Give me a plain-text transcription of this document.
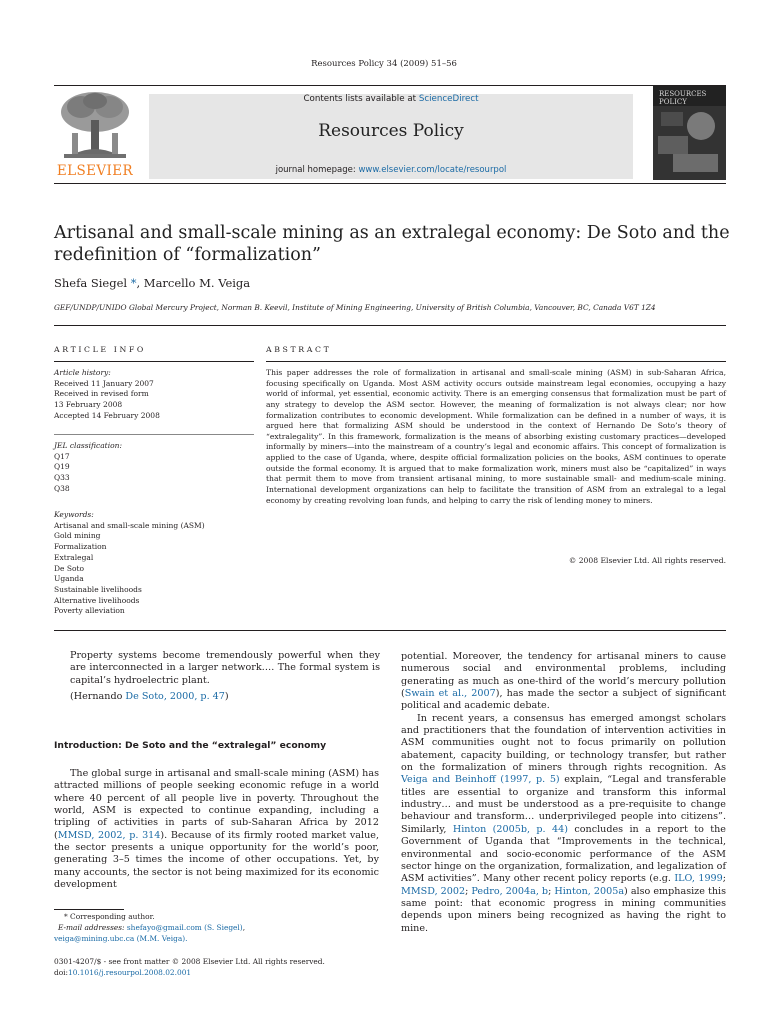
Resources Policy 34 (2009) 51–56
ELSEVIER
Contents lists available at ScienceDirect
Resources Policy
journal homepage: www.elsevier.com/locate/resourpol
RESOURCES POLICY
Artisanal and small-scale mining as an extralegal economy: De Soto and the
redefinition of “formalization”
Shefa Siegel *, Marcello M. Veiga
GEF/UNDP/UNIDO Global Mercury Project, Norman B. Keevil, Institute of Mining Engineering, University of British Columbia, Vancouver, BC, Canada V6T 1Z4
ARTICLE INFO	ABSTRACT

Article history:

Received 11 January 2007

Received in revised form

13 February 2008

Accepted 14 February 2008

JEL classification:

Q17

Q19

Q33

Q38

Keywords:

Artisanal and small-scale mining (ASM)

Gold mining

Formalization

Extralegal

De Soto

Uganda

Sustainable livelihoods

Alternative livelihoods

Poverty alleviation

This paper addresses the role of formalization in artisanal and small-scale mining (ASM) in sub-Saharan Africa, focusing specifically on Uganda. Most ASM activity occurs outside mainstream legal economies, occupying a hazy world of informal, yet essential, economic activity. There is an emerging consensus that formalization must be part of any strategy to develop the ASM sector. However, the meaning of formalization is not always clear; nor how formalization contributes to economic development. While formalization can be defined in a number of ways, it is argued here that formalizing ASM should be understood in the context of Hernando De Soto’s theory of “extralegality”. In this framework, formalization is the means of absorbing existing customary practices—developed informally by miners—into the mainstream of a country’s legal and economic affairs. This concept of formalization is applied to the case of Uganda, where, despite official formalization policies on the books, ASM continues to operate outside the formal economy. It is argued that to make formalization work, miners must also be “capitalized” in ways that permit them to move from transient artisanal mining, to more sustainable small- and medium-scale mining. International development organizations can help to facilitate the transition of ASM from an extralegal to a legal economy by creating revolving loan funds, and helping to carry the risk of lending money to miners.
© 2008 Elsevier Ltd. All rights reserved.
Property systems become tremendously powerful when they are interconnected in a larger network…. The formal system is capital’s hydroelectric plant.
(Hernando De Soto, 2000, p. 47)
Introduction: De Soto and the “extralegal” economy
The global surge in artisanal and small-scale mining (ASM) has attracted millions of people seeking economic refuge in a world where 40 percent of all people live in poverty. Throughout the world, ASM is expected to continue expanding, including a tripling of activities in parts of sub-Saharan Africa by 2012 (MMSD, 2002, p. 314). Because of its firmly rooted market value, the sector presents a unique opportunity for the world’s poor, generating 3–5 times the income of other occupations. Yet, by many accounts, the sector is not being maximized for its economic development
* Corresponding author.
E-mail addresses: shefayo@gmail.com (S. Siegel),
veiga@mining.ubc.ca (M.M. Veiga).
0301-4207/$ - see front matter © 2008 Elsevier Ltd. All rights reserved.
doi:10.1016/j.resourpol.2008.02.001
potential. Moreover, the tendency for artisanal miners to cause numerous social and environmental problems, including generating as much as one-third of the world’s mercury pollution (Swain et al., 2007), has made the sector a subject of significant political and academic debate.
In recent years, a consensus has emerged amongst scholars and practitioners that the foundation of intervention activities in ASM communities ought not to focus primarily on pollution abatement, capacity building, or technology transfer, but rather on the formalization of miners through rights recognition. As Veiga and Beinhoff (1997, p. 5) explain, “Legal and transferable titles are essential to organize and transform this informal industry… and must be understood as a pre-requisite to change behaviour and transform… underprivileged people into citizens”. Similarly, Hinton (2005b, p. 44) concludes in a report to the Government of Uganda that “Improvements in the technical, environmental and socio-economic performance of the ASM sector hinge on the organization, formalization, and legalization of ASM activities”. Many other recent policy reports (e.g. ILO, 1999; MMSD, 2002; Pedro, 2004a, b; Hinton, 2005a) also emphasize this same point: that economic progress in mining communities depends upon miners being recognized as having the right to mine.
